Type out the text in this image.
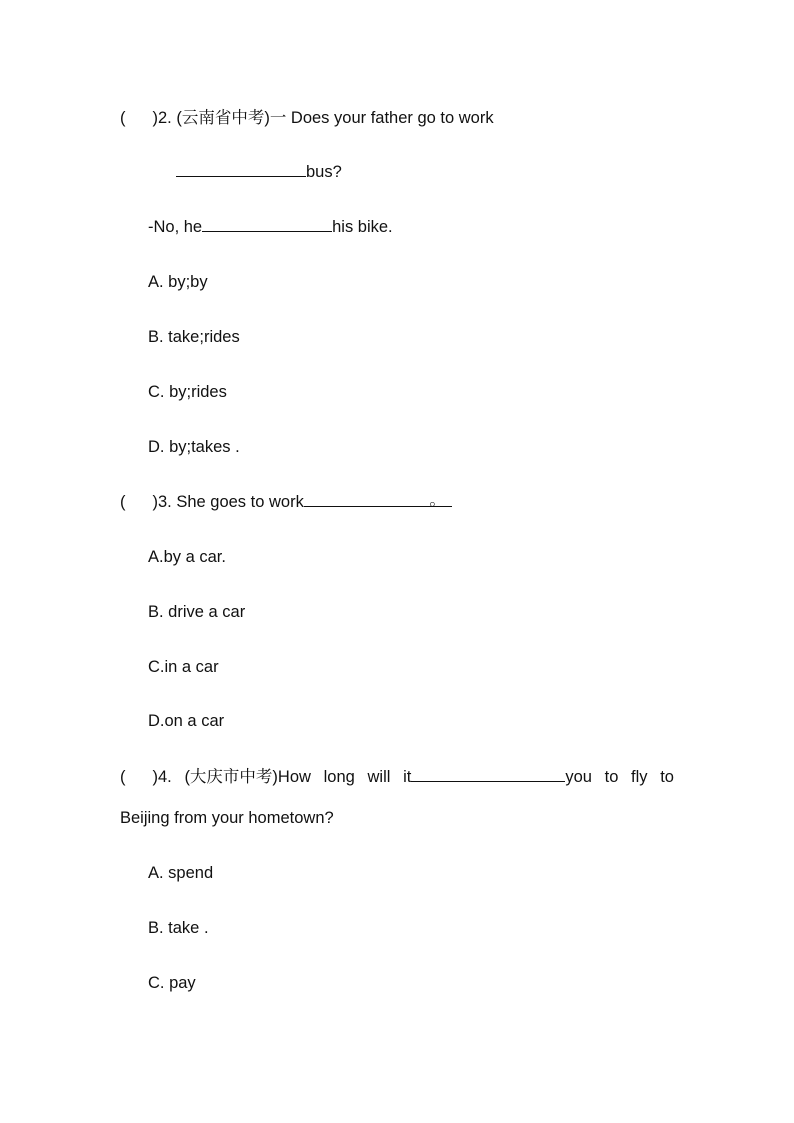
( )2. (云南省中考)一 Does your father go to work
bus?
-No, he	his bike.
A. by;by
B. take;rides
C. by;rides
D. by;takes .
( )3. She goes to work	。
A.by a car.
B. drive a car
C.in a car
D.on a car
( )4. (大庆市中考)How long will it	you to fly to
Beijing from your hometown?
A. spend
B. take .
C. pay
